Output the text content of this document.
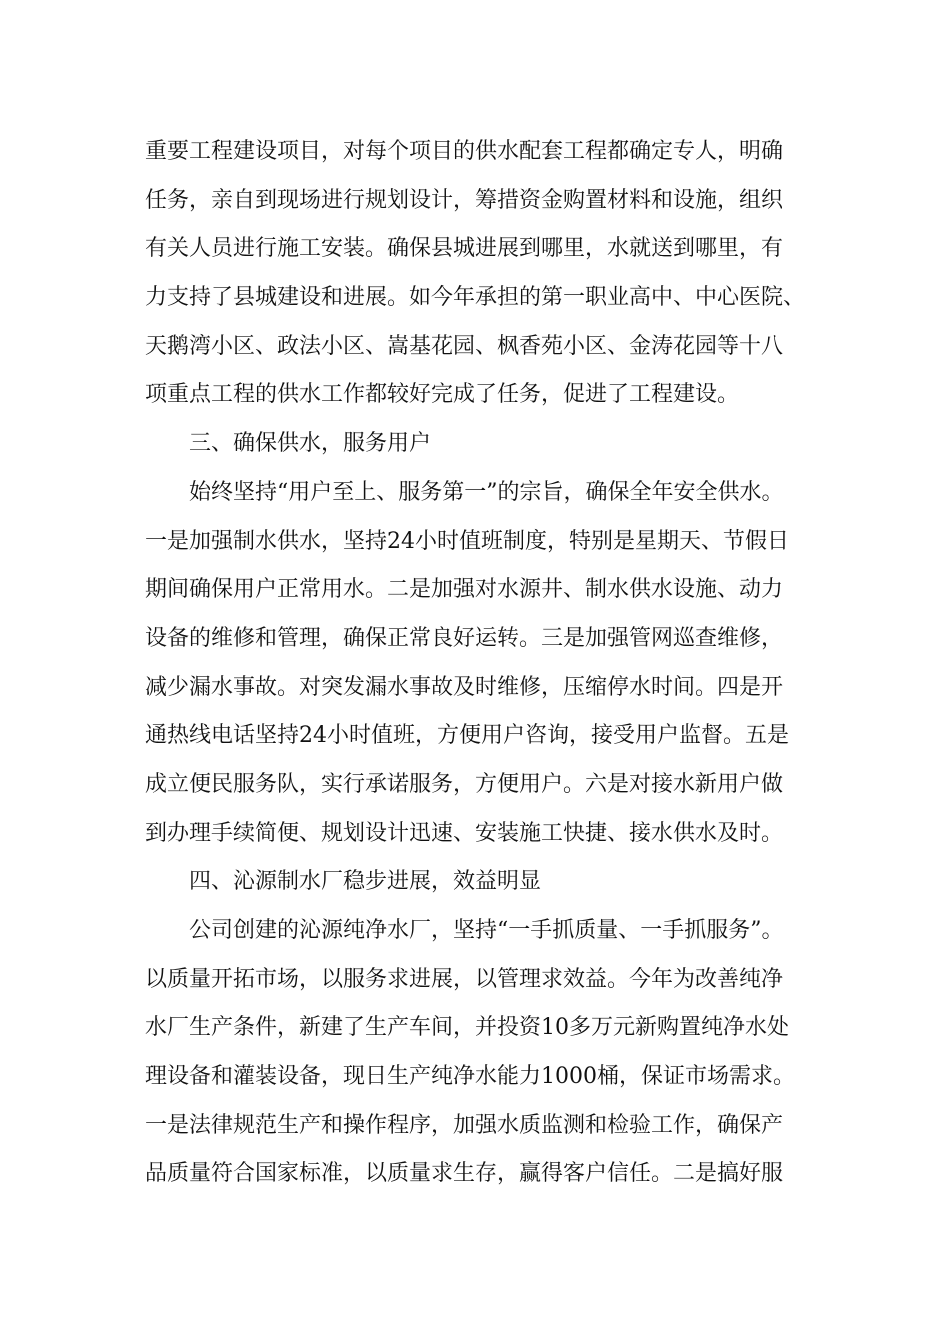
重要工程建设项目，对每个项目的供水配套工程都确定专人，明确
任务，亲自到现场进行规划设计，筹措资金购置材料和设施，组织
有关人员进行施工安装。确保县城进展到哪里，水就送到哪里，有
力支持了县城建设和进展。如今年承担的第一职业高中、中心医院、
天鹅湾小区、政法小区、嵩基花园、枫香苑小区、金涛花园等十八
项重点工程的供水工作都较好完成了任务，促进了工程建设。
三、确保供水，服务用户
始终坚持“用户至上、服务第一”的宗旨，确保全年安全供水。
一是加强制水供水，坚持24小时值班制度，特别是星期天、节假日
期间确保用户正常用水。二是加强对水源井、制水供水设施、动力
设备的维修和管理，确保正常良好运转。三是加强管网巡查维修，
减少漏水事故。对突发漏水事故及时维修，压缩停水时间。四是开
通热线电话坚持24小时值班，方便用户咨询，接受用户监督。五是
成立便民服务队，实行承诺服务，方便用户。六是对接水新用户做
到办理手续简便、规划设计迅速、安装施工快捷、接水供水及时。
四、沁源制水厂稳步进展，效益明显
公司创建的沁源纯净水厂，坚持“一手抓质量、一手抓服务”。
以质量开拓市场，以服务求进展，以管理求效益。今年为改善纯净
水厂生产条件，新建了生产车间，并投资10多万元新购置纯净水处
理设备和灌装设备，现日生产纯净水能力1000桶，保证市场需求。
一是法律规范生产和操作程序，加强水质监测和检验工作，确保产
品质量符合国家标准，以质量求生存，赢得客户信任。二是搞好服
